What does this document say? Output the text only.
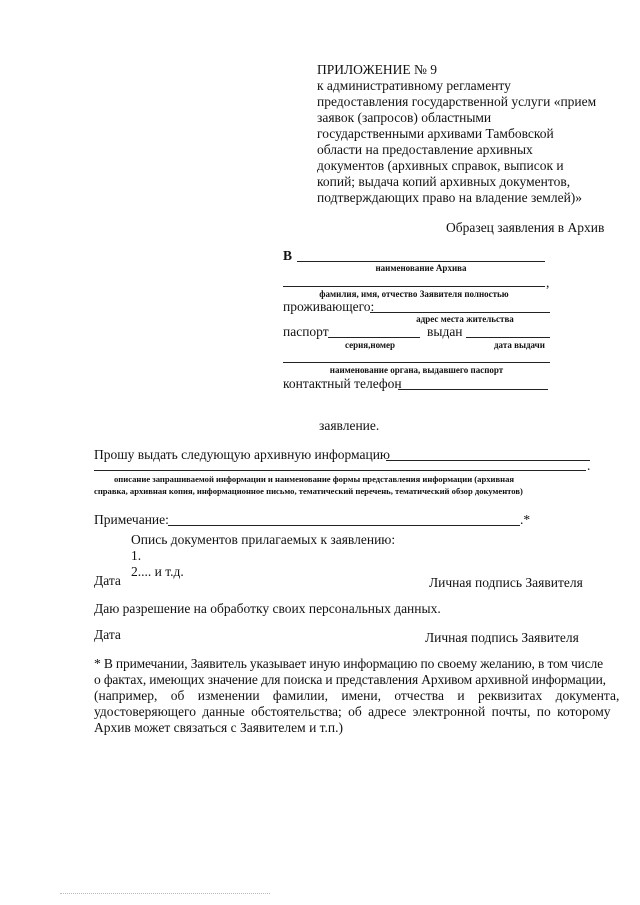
ПРИЛОЖЕНИЕ № 9
к административному регламенту
предоставления государственной услуги «прием
заявок (запросов) областными
государственными архивами Тамбовской
области на предоставление архивных
документов (архивных справок, выписок и
копий; выдача копий архивных документов,
подтверждающих право на владение землей)»
Образец заявления в Архив
В
наименование Архива
,
фамилия, имя, отчество Заявителя полностью
проживающего:
адрес места жительства
паспорт	выдан
серия,номер	дата выдачи
наименование органа, выдавшего паспорт
контактный телефон
заявление.
Прошу выдать следующую архивную информацию
.
описание запрашиваемой информации и наименование формы представления информации (архивная
справка, архивная копия, информационное письмо, тематический перечень, тематический обзор документов)
Примечание:	.*
Опись документов прилагаемых к заявлению:
1.
2.... и т.д.
Дата	Личная подпись Заявителя
Даю разрешение на обработку своих персональных данных.
Дата	Личная подпись Заявителя
* В примечании, Заявитель указывает иную информацию по своему желанию, в том числе
о фактах, имеющих значение для поиска и представления Архивом архивной информации,
(например, об изменении фамилии, имени, отчества и реквизитах документа,
удостоверяющего данные обстоятельства; об адресе электронной почты, по которому
Архив может связаться с Заявителем и т.п.)
